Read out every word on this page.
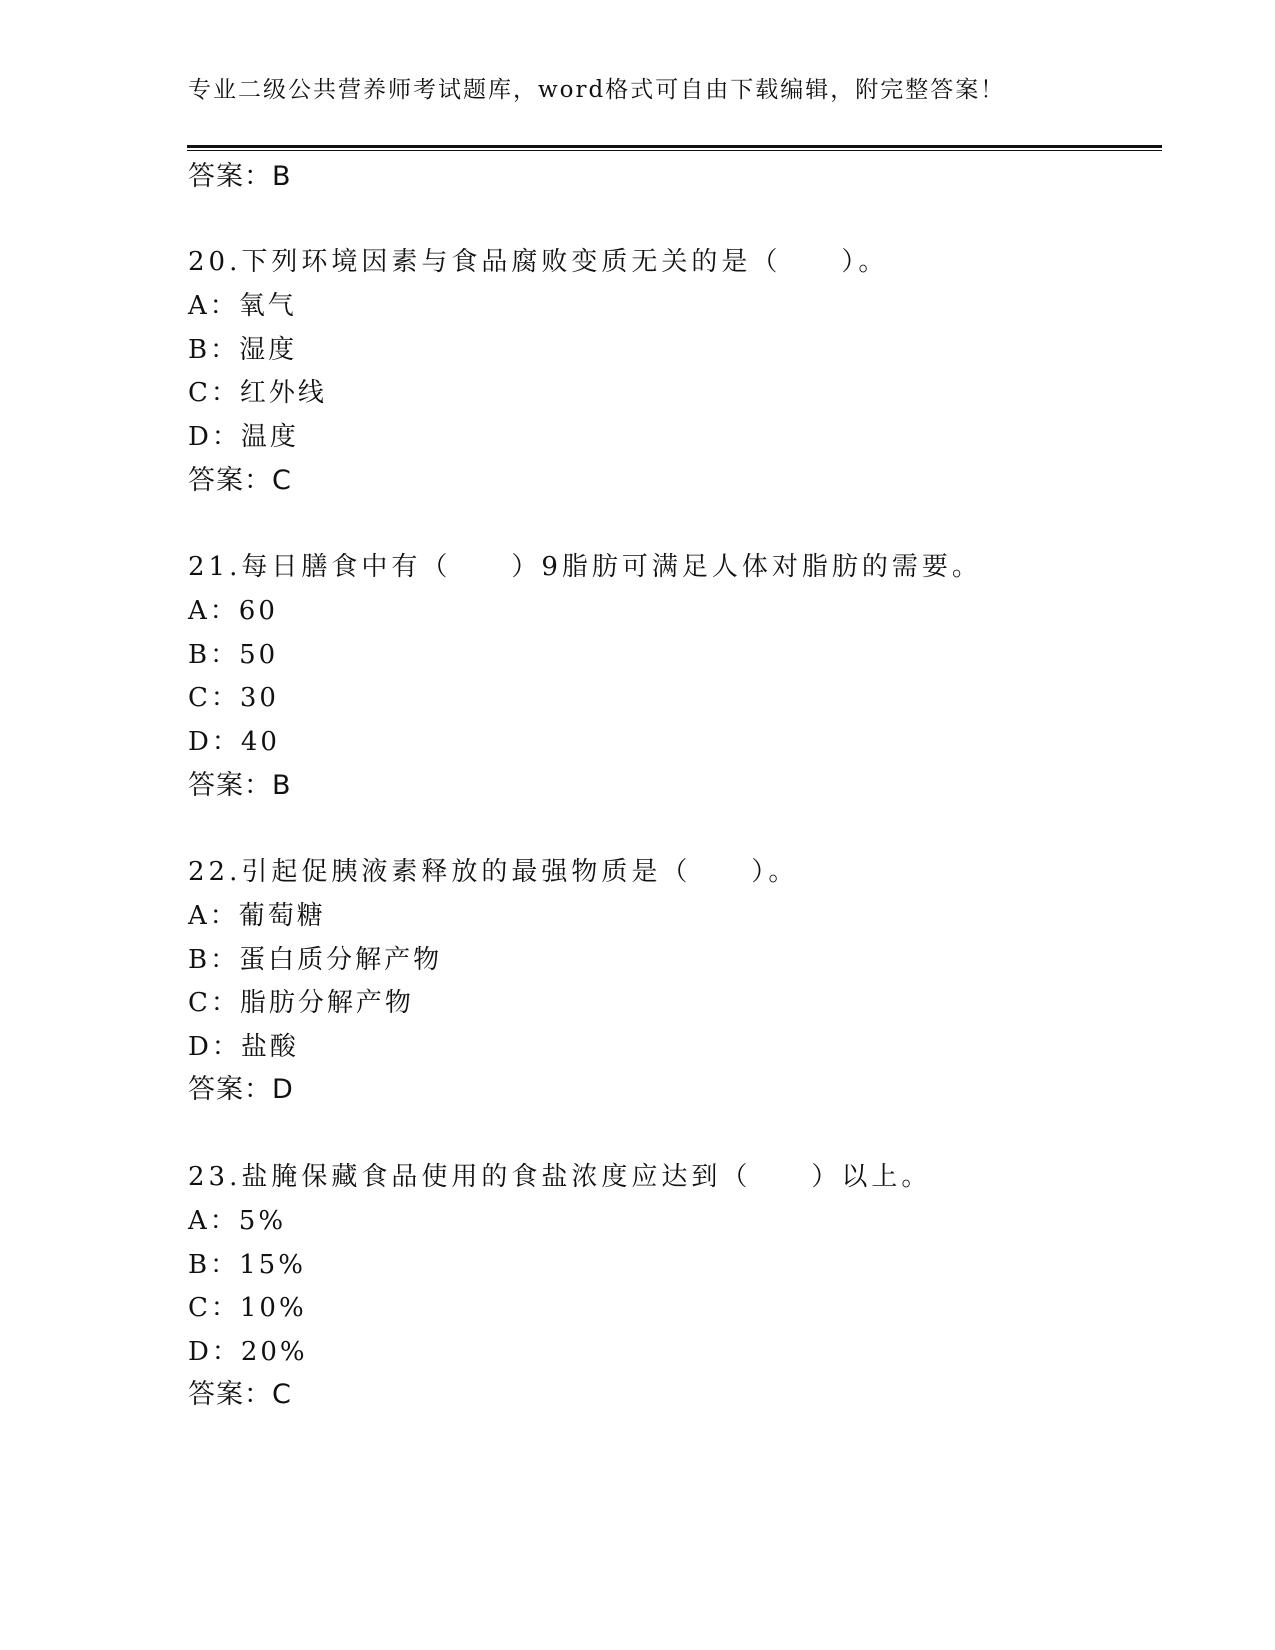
专业二级公共营养师考试题库，word格式可自由下载编辑，附完整答案！
答案：B
20.下列环境因素与食品腐败变质无关的是（　　）。
A：氧气
B：湿度
C：红外线
D：温度
答案：C
21.每日膳食中有（　　）9脂肪可满足人体对脂肪的需要。
A：60
B：50
C：30
D：40
答案：B
22.引起促胰液素释放的最强物质是（　　）。
A：葡萄糖
B：蛋白质分解产物
C：脂肪分解产物
D：盐酸
答案：D
23.盐腌保藏食品使用的食盐浓度应达到（　　）以上。
A：5%
B：15%
C：10%
D：20%
答案：C
